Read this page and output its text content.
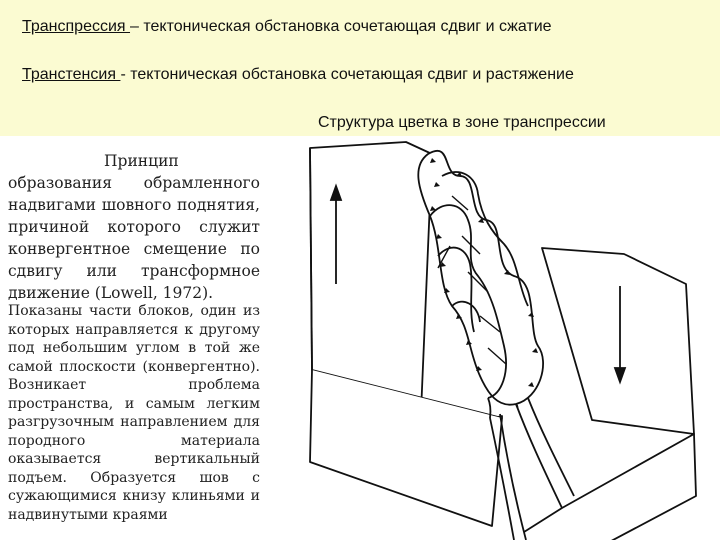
Транспрессия – тектоническая обстановка сочетающая сдвиг и сжатие
Транстенсия - тектоническая обстановка сочетающая сдвиг и растяжение
Структура цветка в зоне транспрессии

Принцип образования обрамленного надвигами шовного поднятия, причиной которого служит конвергентное смещение по сдвигу или трансформное движение (Lowell, 1972).

Показаны части блоков, один из которых направляется к другому под небольшим углом в той же самой плоскости (конвергентно). Возникает проблема пространства, и самым легким разгрузочным направлением для породного материала оказывается вертикальный подъем. Образуется шов с сужающимися книзу клиньями и надвинутыми краями
